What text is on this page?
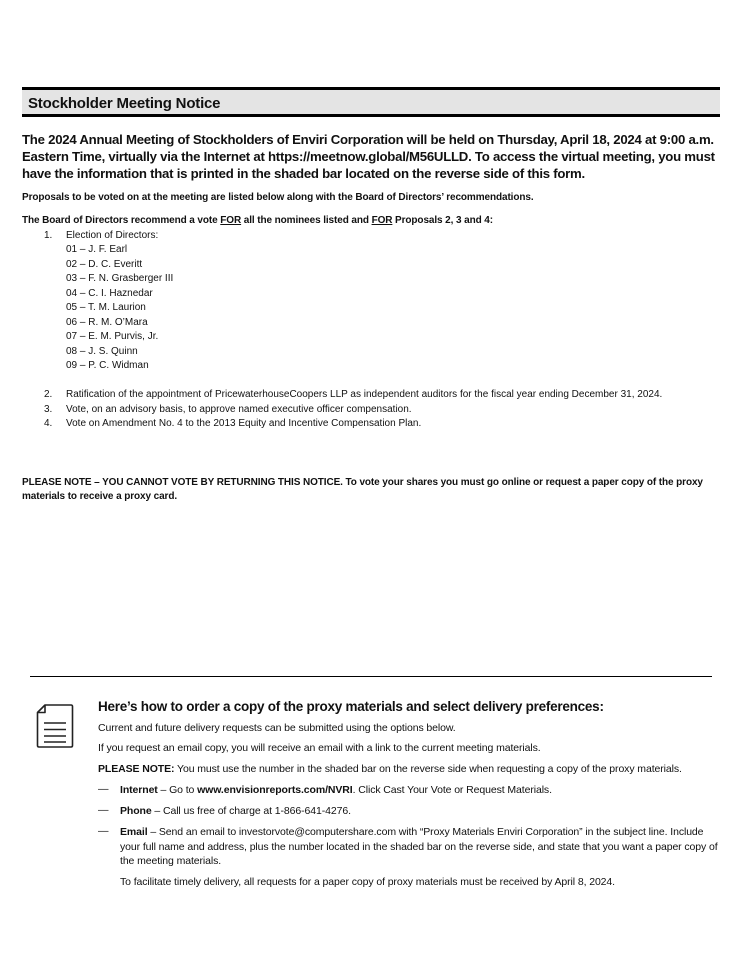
Stockholder Meeting Notice
The 2024 Annual Meeting of Stockholders of Enviri Corporation will be held on Thursday, April 18, 2024 at 9:00 a.m. Eastern Time, virtually via the Internet at https://meetnow.global/M56ULLD. To access the virtual meeting, you must have the information that is printed in the shaded bar located on the reverse side of this form.
Proposals to be voted on at the meeting are listed below along with the Board of Directors’ recommendations.
The Board of Directors recommend a vote FOR all the nominees listed and FOR Proposals 2, 3 and 4:
1.	Election of Directors:
01 – J. F. Earl
02 – D. C. Everitt
03 – F. N. Grasberger III
04 – C. I. Haznedar
05 – T. M. Laurion
06 – R. M. O’Mara
07 – E. M. Purvis, Jr.
08 – J. S. Quinn
09 – P. C. Widman
2.	Ratification of the appointment of PricewaterhouseCoopers LLP as independent auditors for the fiscal year ending December 31, 2024.
3.	Vote, on an advisory basis, to approve named executive officer compensation.
4.	Vote on Amendment No. 4 to the 2013 Equity and Incentive Compensation Plan.
PLEASE NOTE – YOU CANNOT VOTE BY RETURNING THIS NOTICE. To vote your shares you must go online or request a paper copy of the proxy materials to receive a proxy card.
Here’s how to order a copy of the proxy materials and select delivery preferences:
Current and future delivery requests can be submitted using the options below.
If you request an email copy, you will receive an email with a link to the current meeting materials.
PLEASE NOTE: You must use the number in the shaded bar on the reverse side when requesting a copy of the proxy materials.
— Internet – Go to www.envisionreports.com/NVRI. Click Cast Your Vote or Request Materials.
— Phone – Call us free of charge at 1-866-641-4276.
— Email – Send an email to investorvote@computershare.com with “Proxy Materials Enviri Corporation” in the subject line. Include your full name and address, plus the number located in the shaded bar on the reverse side, and state that you want a paper copy of the meeting materials.
To facilitate timely delivery, all requests for a paper copy of proxy materials must be received by April 8, 2024.
